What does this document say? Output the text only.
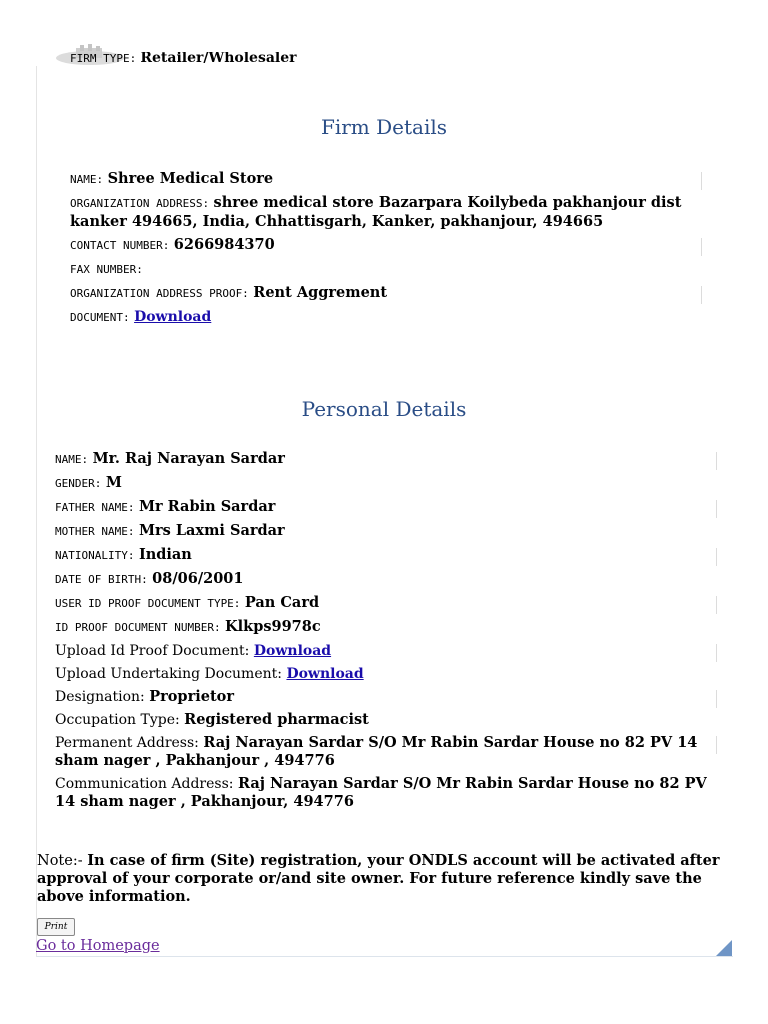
FIRM TYPE: Retailer/Wholesaler
Firm Details
NAME: Shree Medical Store
ORGANIZATION ADDRESS: shree medical store Bazarpara Koilybeda pakhanjour dist kanker 494665, India, Chhattisgarh, Kanker, pakhanjour, 494665
CONTACT NUMBER: 6266984370
FAX NUMBER:
ORGANIZATION ADDRESS PROOF: Rent Aggrement
DOCUMENT: Download
Personal Details
NAME: Mr. Raj Narayan Sardar
GENDER: M
FATHER NAME: Mr Rabin Sardar
MOTHER NAME: Mrs Laxmi Sardar
NATIONALITY: Indian
DATE OF BIRTH: 08/06/2001
USER ID PROOF DOCUMENT TYPE: Pan Card
ID PROOF DOCUMENT NUMBER: Klkps9978c
Upload Id Proof Document: Download
Upload Undertaking Document: Download
Designation: Proprietor
Occupation Type: Registered pharmacist
Permanent Address: Raj Narayan Sardar S/O Mr Rabin Sardar House no 82 PV 14 sham nager , Pakhanjour , 494776
Communication Address: Raj Narayan Sardar S/O Mr Rabin Sardar House no 82 PV 14 sham nager , Pakhanjour, 494776
Note:- In case of firm (Site) registration, your ONDLS account will be activated after approval of your corporate or/and site owner. For future reference kindly save the above information.
Print
Go to Homepage
